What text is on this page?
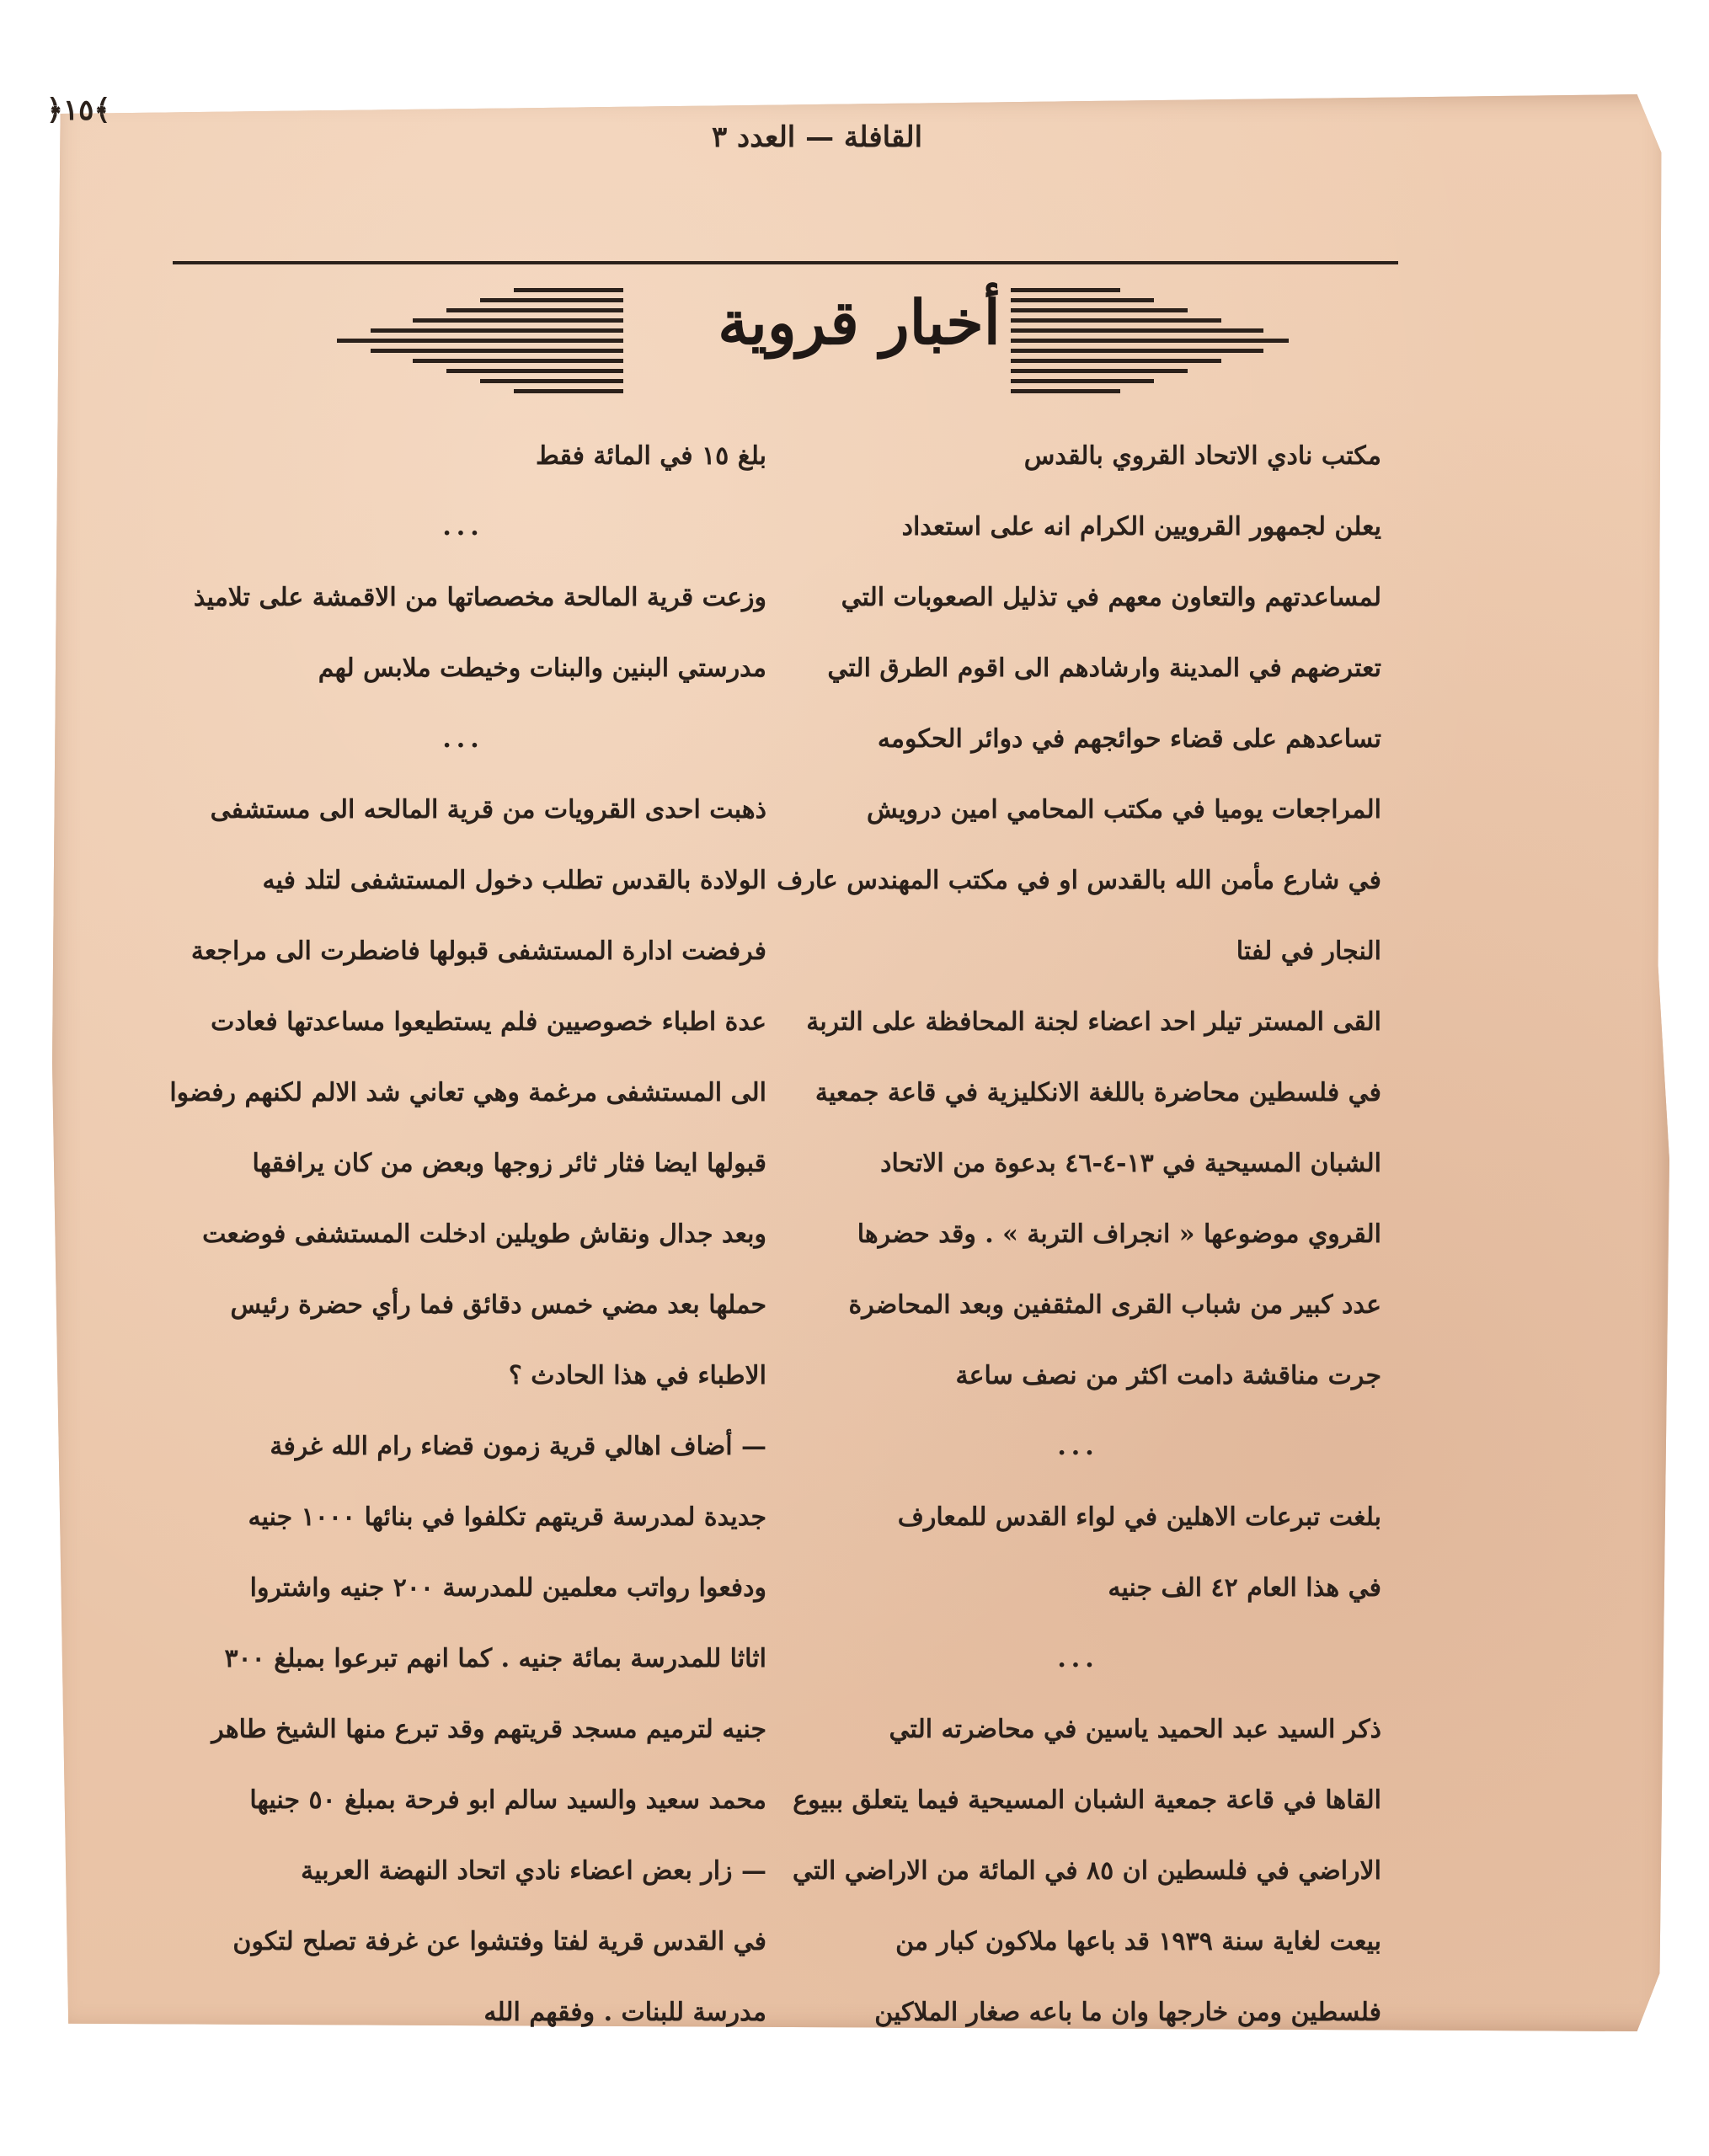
القافلة — العدد ٣
﴿١٥﴾
أخبار قروية

مكتب نادي الاتحاد القروي بالقدس

يعلن لجمهور القرويين الكرام انه على استعداد

لمساعدتهم والتعاون معهم في تذليل الصعوبات التي

تعترضهم في المدينة وارشادهم الى اقوم الطرق التي

تساعدهم على قضاء حوائجهم في دوائر الحكومه

المراجعات يوميا في مكتب المحامي امين درويش

في شارع مأمن الله بالقدس او في مكتب المهندس عارف

النجار في لفتا

القى المستر تيلر احد اعضاء لجنة المحافظة على التربة

في فلسطين محاضرة باللغة الانكليزية في قاعة جمعية

الشبان المسيحية في ١٣-٤-٤٦ بدعوة من الاتحاد

القروي موضوعها « انجراف التربة » . وقد حضرها

عدد كبير من شباب القرى المثقفين وبعد المحاضرة

جرت مناقشة دامت اكثر من نصف ساعة

...

بلغت تبرعات الاهلين في لواء القدس للمعارف

في هذا العام ٤٢ الف جنيه

...

ذكر السيد عبد الحميد ياسين في محاضرته التي

القاها في قاعة جمعية الشبان المسيحية فيما يتعلق ببيوع

الاراضي في فلسطين ان ٨٥ في المائة من الاراضي التي

بيعت لغاية سنة ١٩٣٩ قد باعها ملاكون كبار من

فلسطين ومن خارجها وان ما باعه صغار الملاكين

بلغ ١٥ في المائة فقط

...

وزعت قرية المالحة مخصصاتها من الاقمشة على تلاميذ

مدرستي البنين والبنات وخيطت ملابس لهم

...

ذهبت احدى القرويات من قرية المالحه الى مستشفى

الولادة بالقدس تطلب دخول المستشفى لتلد فيه

فرفضت ادارة المستشفى قبولها فاضطرت الى مراجعة

عدة اطباء خصوصيين فلم يستطيعوا مساعدتها فعادت

الى المستشفى مرغمة وهي تعاني شد الالم لكنهم رفضوا

قبولها ايضا فثار ثائر زوجها وبعض من كان يرافقها

وبعد جدال ونقاش طويلين ادخلت المستشفى فوضعت

حملها بعد مضي خمس دقائق فما رأي حضرة رئيس

الاطباء في هذا الحادث ؟

— أضاف اهالي قرية زمون قضاء رام الله غرفة

جديدة لمدرسة قريتهم تكلفوا في بنائها ١٠٠٠ جنيه

ودفعوا رواتب معلمين للمدرسة ٢٠٠ جنيه واشتروا

اثاثا للمدرسة بمائة جنيه . كما انهم تبرعوا بمبلغ ٣٠٠

جنيه لترميم مسجد قريتهم وقد تبرع منها الشيخ طاهر

محمد سعيد والسيد سالم ابو فرحة بمبلغ ٥٠ جنيها

— زار بعض اعضاء نادي اتحاد النهضة العربية

في القدس قرية لفتا وفتشوا عن غرفة تصلح لتكون

مدرسة للبنات . وفقهم الله
